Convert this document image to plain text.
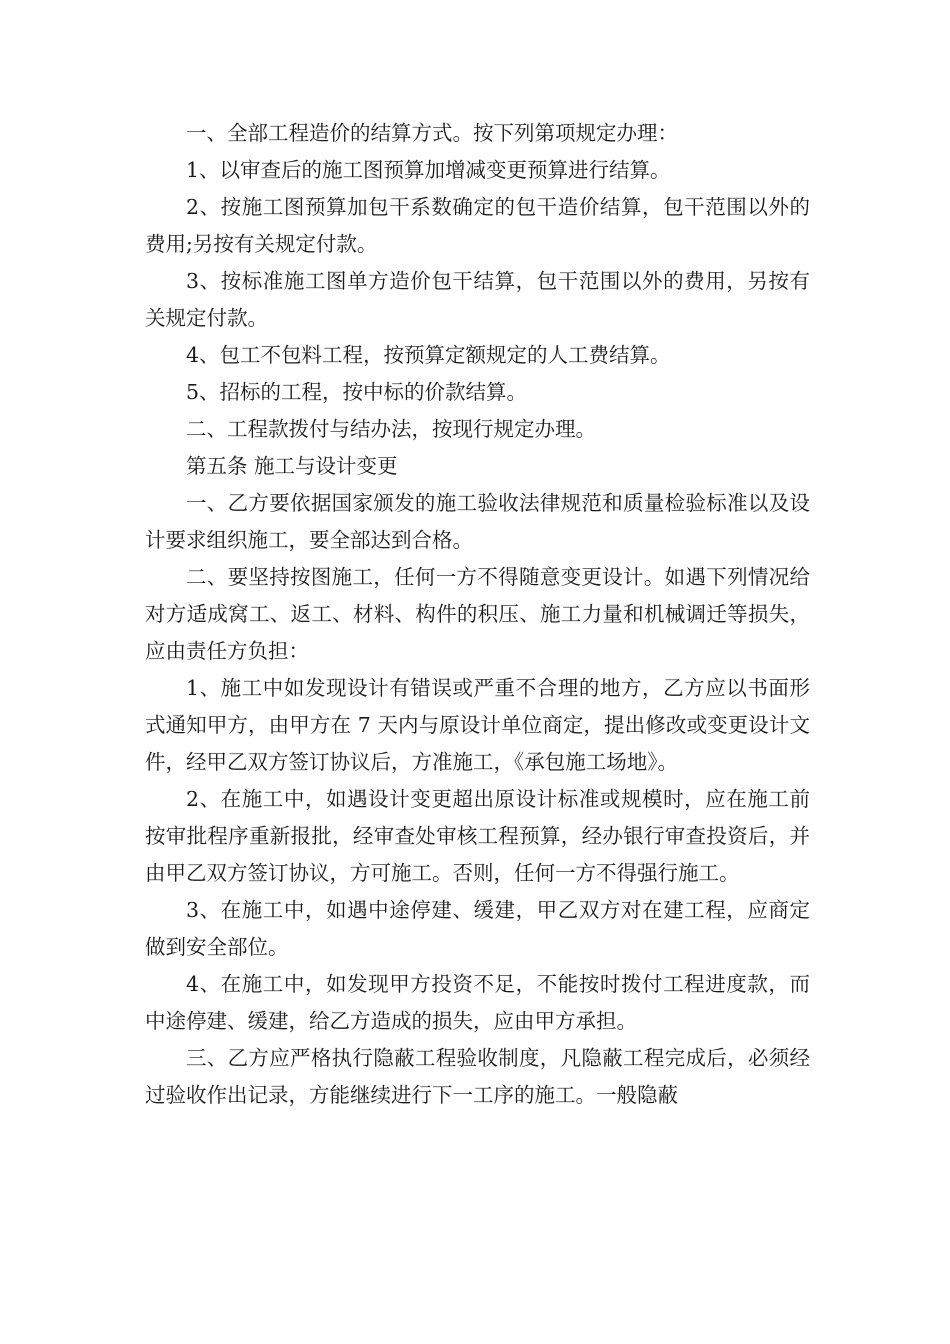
一、全部工程造价的结算方式。按下列第项规定办理：

1、以审查后的施工图预算加增减变更预算进行结算。

2、按施工图预算加包干系数确定的包干造价结算，包干范围以外的费用;另按有关规定付款。

3、按标准施工图单方造价包干结算，包干范围以外的费用，另按有关规定付款。

4、包工不包料工程，按预算定额规定的人工费结算。

5、招标的工程，按中标的价款结算。

二、工程款拨付与结办法，按现行规定办理。

第五条 施工与设计变更

一、乙方要依据国家颁发的施工验收法律规范和质量检验标准以及设计要求组织施工，要全部达到合格。

二、要坚持按图施工，任何一方不得随意变更设计。如遇下列情况给对方适成窝工、返工、材料、构件的积压、施工力量和机械调迁等损失，应由责任方负担：

1、施工中如发现设计有错误或严重不合理的地方，乙方应以书面形式通知甲方，由甲方在 7 天内与原设计单位商定，提出修改或变更设计文件，经甲乙双方签订协议后，方准施工，《承包施工场地》。

2、在施工中，如遇设计变更超出原设计标准或规模时，应在施工前按审批程序重新报批，经审查处审核工程预算，经办银行审查投资后，并由甲乙双方签订协议，方可施工。否则，任何一方不得强行施工。

3、在施工中，如遇中途停建、缓建，甲乙双方对在建工程，应商定做到安全部位。

4、在施工中，如发现甲方投资不足，不能按时拨付工程进度款，而中途停建、缓建，给乙方造成的损失，应由甲方承担。

三、乙方应严格执行隐蔽工程验收制度，凡隐蔽工程完成后，必须经过验收作出记录，方能继续进行下一工序的施工。一般隐蔽
